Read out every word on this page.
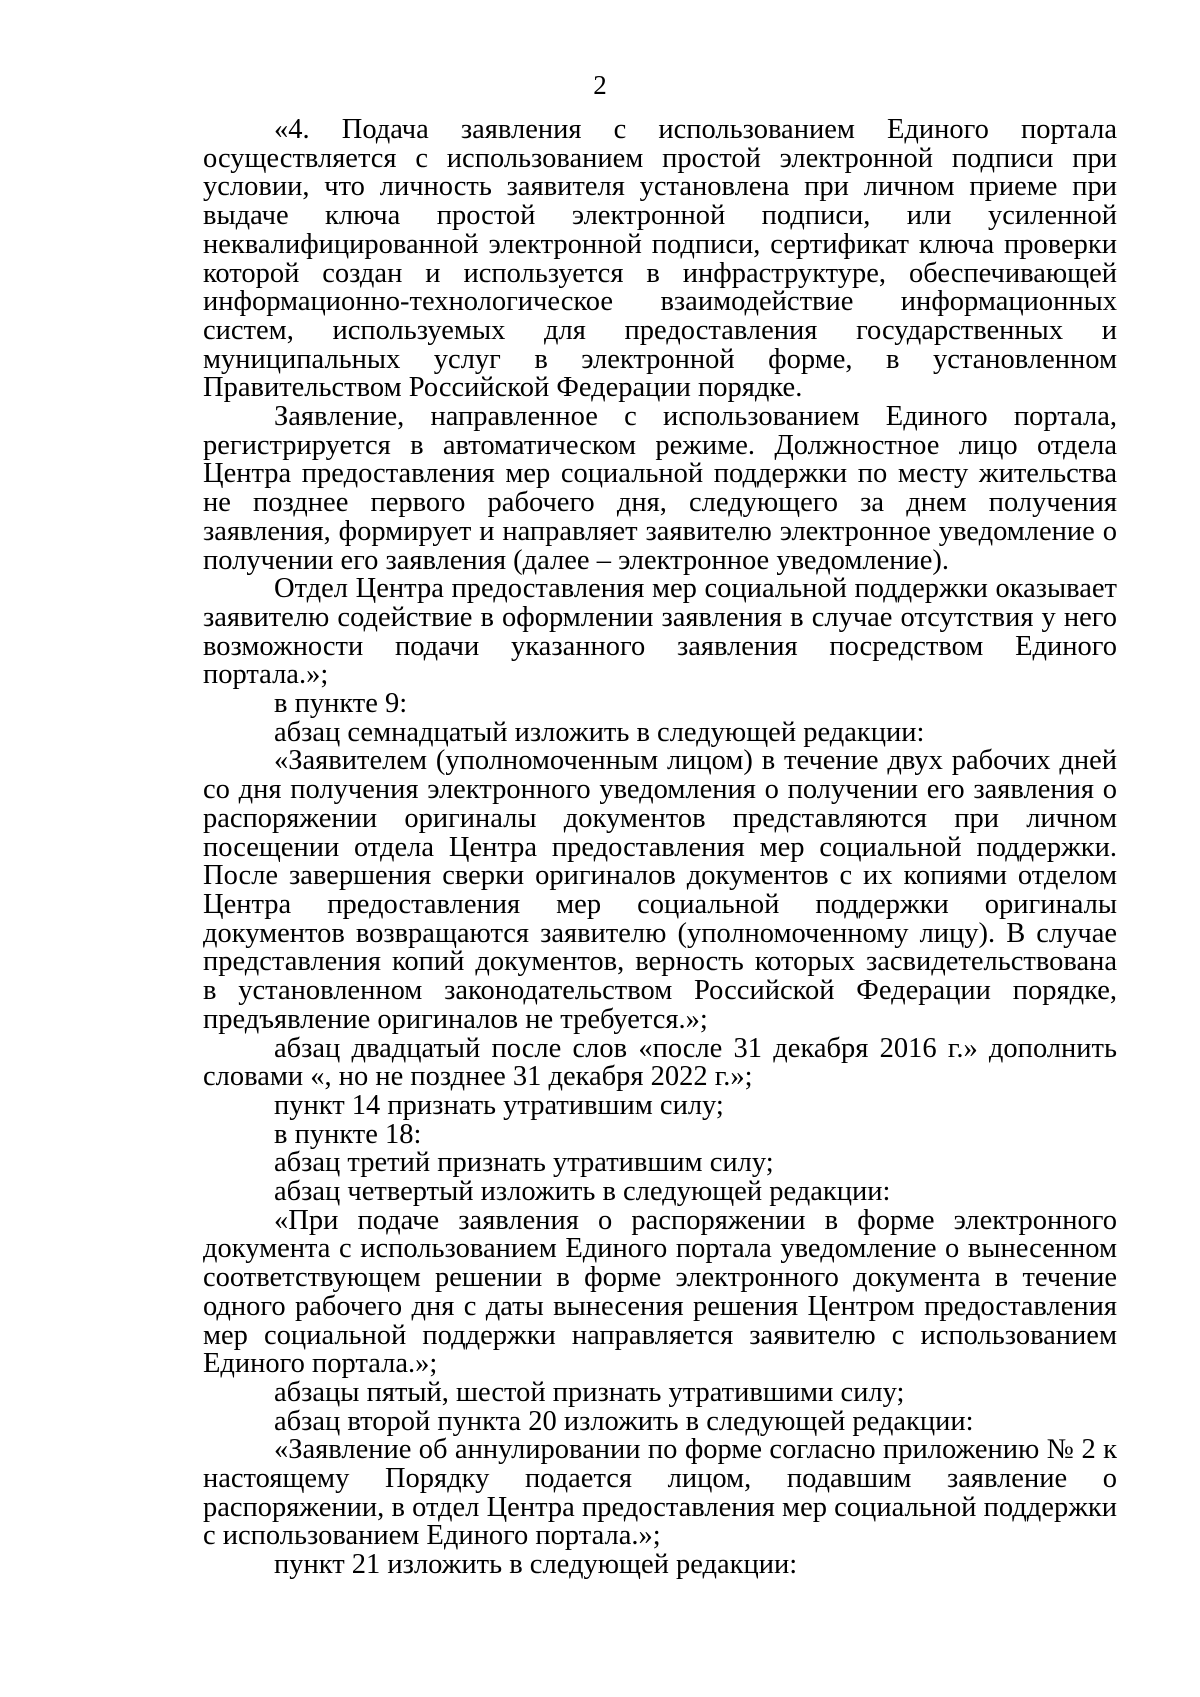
2

«4. Подача заявления с использованием Единого портала осуществляется с использованием простой электронной подписи при условии, что личность заявителя установлена при личном приеме при выдаче ключа простой электронной подписи, или усиленной неквалифицированной электронной подписи, сертификат ключа проверки которой создан и используется в инфраструктуре, обеспечивающей информационно-технологическое взаимодействие информационных систем, используемых для предоставления государственных и муниципальных услуг в электронной форме, в установленном Правительством Российской Федерации порядке.

Заявление, направленное с использованием Единого портала, регистрируется в автоматическом режиме. Должностное лицо отдела Центра предоставления мер социальной поддержки по месту жительства не позднее первого рабочего дня, следующего за днем получения заявления, формирует и направляет заявителю электронное уведомление о получении его заявления (далее – электронное уведомление).

Отдел Центра предоставления мер социальной поддержки оказывает заявителю содействие в оформлении заявления в случае отсутствия у него возможности подачи указанного заявления посредством Единого портала.»;

в пункте 9:

абзац семнадцатый изложить в следующей редакции:

«Заявителем (уполномоченным лицом) в течение двух рабочих дней со дня получения электронного уведомления о получении его заявления о распоряжении оригиналы документов представляются при личном посещении отдела Центра предоставления мер социальной поддержки. После завершения сверки оригиналов документов с их копиями отделом Центра предоставления мер социальной поддержки оригиналы документов возвращаются заявителю (уполномоченному лицу). В случае представления копий документов, верность которых засвидетельствована в установленном законодательством Российской Федерации порядке, предъявление оригиналов не требуется.»;

абзац двадцатый после слов «после 31 декабря 2016 г.» дополнить словами «, но не позднее 31 декабря 2022 г.»;

пункт 14 признать утратившим силу;

в пункте 18:

абзац третий признать утратившим силу;

абзац четвертый изложить в следующей редакции:

«При подаче заявления о распоряжении в форме электронного документа с использованием Единого портала уведомление о вынесенном соответствующем решении в форме электронного документа в течение одного рабочего дня с даты вынесения решения Центром предоставления мер социальной поддержки направляется заявителю с использованием Единого портала.»;

абзацы пятый, шестой признать утратившими силу;

абзац второй пункта 20 изложить в следующей редакции:

«Заявление об аннулировании по форме согласно приложению № 2 к настоящему Порядку подается лицом, подавшим заявление о распоряжении, в отдел Центра предоставления мер социальной поддержки с использованием Единого портала.»;

пункт 21 изложить в следующей редакции:
